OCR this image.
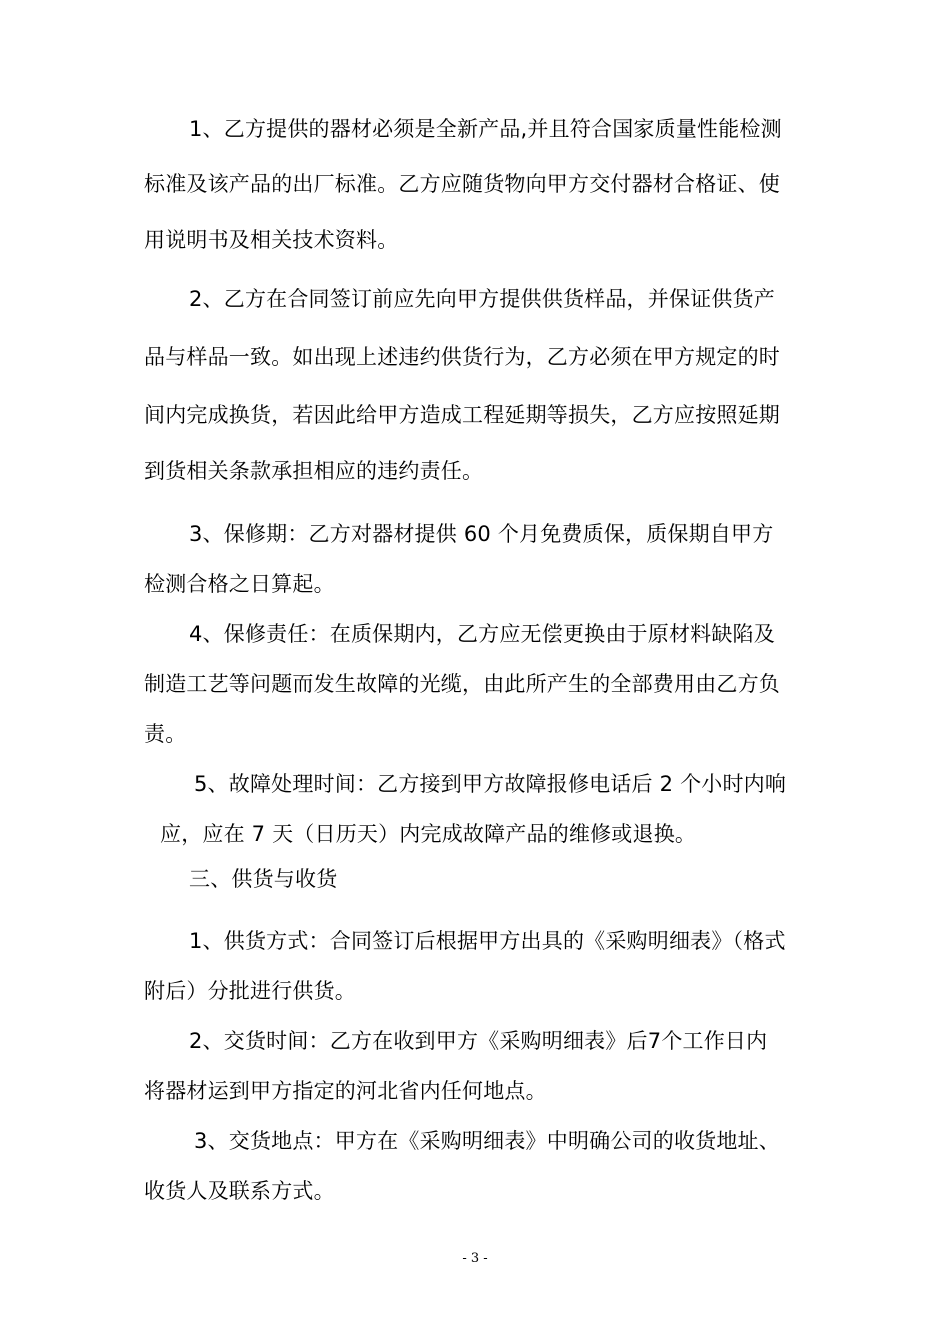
1、乙方提供的器材必须是全新产品,并且符合国家质量性能检测
标准及该产品的出厂标准。乙方应随货物向甲方交付器材合格证、使
用说明书及相关技术资料。
2、乙方在合同签订前应先向甲方提供供货样品，并保证供货产
品与样品一致。如出现上述违约供货行为，乙方必须在甲方规定的时
间内完成换货，若因此给甲方造成工程延期等损失，乙方应按照延期
到货相关条款承担相应的违约责任。
3、保修期：乙方对器材提供 60 个月免费质保，质保期自甲方
检测合格之日算起。
4、保修责任：在质保期内，乙方应无偿更换由于原材料缺陷及
制造工艺等问题而发生故障的光缆，由此所产生的全部费用由乙方负
责。
5、故障处理时间：乙方接到甲方故障报修电话后 2 个小时内响
应，应在 7 天（日历天）内完成故障产品的维修或退换。
三、供货与收货
1、供货方式：合同签订后根据甲方出具的《采购明细表》（格式
附后）分批进行供货。
2、交货时间：乙方在收到甲方《采购明细表》后7个工作日内
将器材运到甲方指定的河北省内任何地点。
3、交货地点：甲方在《采购明细表》中明确公司的收货地址、
收货人及联系方式。
- 3 -
